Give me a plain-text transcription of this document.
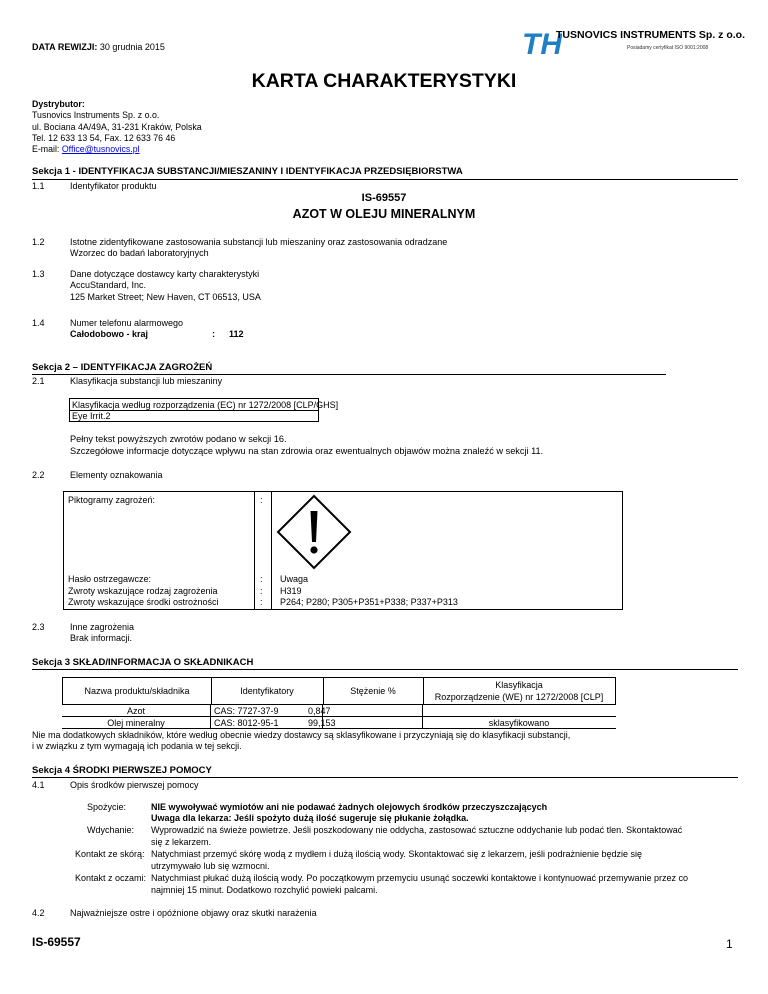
DATA REWIZJI: 30 grudnia 2015	TH
TUSNOVICS INSTRUMENTS Sp. z o.o.
Posiadamy certyfikat ISO 9001:2008
KARTA CHARAKTERYSTYKI
Dystrybutor:
Tusnovics Instruments Sp. z o.o.
ul. Bociana 4A/49A, 31-231 Kraków, Polska
Tel. 12 633 13 54, Fax. 12 633 76 46
E-mail: Office@tusnovics.pl
Sekcja 1 - IDENTYFIKACJA SUBSTANCJI/MIESZANINY I IDENTYFIKACJA PRZEDSIĘBIORSTWA
1.1	Identyfikator produktu
IS-69557
AZOT W OLEJU MINERALNYM
1.2	Istotne zidentyfikowane zastosowania substancji lub mieszaniny oraz zastosowania odradzane
Wzorzec do badań laboratoryjnych
1.3	Dane dotyczące dostawcy karty charakterystyki
AccuStandard, Inc.
125 Market Street; New Haven, CT 06513, USA
1.4	Numer telefonu alarmowego
Całodobowo - kraj	: 112
Sekcja 2 – IDENTYFIKACJA ZAGROŻEŃ
2.1	Klasyfikacja substancji lub mieszaniny
Klasyfikacja według rozporządzenia (EC) nr 1272/2008 [CLP/GHS]
Eye Irrit.2
Pełny tekst powyższych zwrotów podano w sekcji 16.
Szczegółowe informacje dotyczące wpływu na stan zdrowia oraz ewentualnych objawów można znaleźć w sekcji 11.
2.2	Elementy oznakowania
Piktogramy zagrożeń:	:
Hasło ostrzegawcze:	: Uwaga
Zwroty wskazujące rodzaj zagrożenia	: H319
Zwroty wskazujące środki ostrożności	: P264; P280; P305+P351+P338; P337+P313
2.3	Inne zagrożenia
Brak informacji.
Sekcja 3 SKŁAD/INFORMACJA O SKŁADNIKACH
Nazwa produktu/składnika	Identyfikatory	Stężenie %
Klasyfikacja
Rozporządzenie (WE) nr 1272/2008 [CLP]
Azot	CAS: 7727-37-9	0,847
Olej mineralny	CAS: 8012-95-1	99,153	sklasyfikowano
Nie ma dodatkowych składników, które według obecnie wiedzy dostawcy są sklasyfikowane i przyczyniają się do klasyfikacji substancji,
i w związku z tym wymagają ich podania w tej sekcji.
Sekcja 4 ŚRODKI PIERWSZEJ POMOCY
4.1	Opis środków pierwszej pomocy
Spożycie:	NIE wywoływać wymiotów ani nie podawać żadnych olejowych środków przeczyszczających
Uwaga dla lekarza: Jeśli spożyto dużą ilość sugeruje się płukanie żołądka.
Wdychanie: Wyprowadzić na świeże powietrze. Jeśli poszkodowany nie oddycha, zastosować sztuczne oddychanie lub podać tlen. Skontaktować
się z lekarzem.
Kontakt ze skórą: Natychmiast przemyć skórę wodą z mydłem i dużą ilością wody. Skontaktować się z lekarzem, jeśli podrażnienie będzie się
utrzymywało lub się wzmocni.
Kontakt z oczami: Natychmiast płukać dużą ilością wody. Po początkowym przemyciu usunąć soczewki kontaktowe i kontynuować przemywanie przez co
najmniej 15 minut. Dodatkowo rozchylić powieki palcami.
4.2	Najważniejsze ostre i opóźnione objawy oraz skutki narażenia
IS-69557	1
